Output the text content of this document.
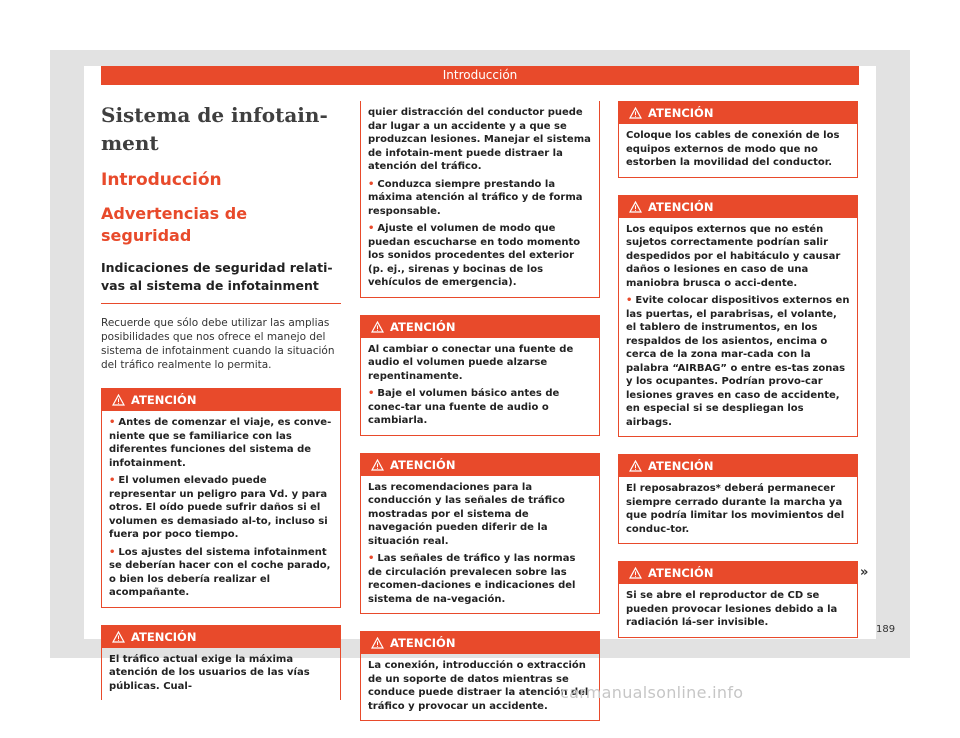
Introducción
Sistema de infotain-ment
Introducción
Advertencias de seguridad
Indicaciones de seguridad relati-vas al sistema de infotainment

Recuerde que sólo debe utilizar las amplias posibilidades que nos ofrece el manejo del sistema de infotainment cuando la situación del tráfico realmente lo permita.

ATENCIÓN

• Antes de comenzar el viaje, es conve-niente que se familiarice con las diferentes funciones del sistema de infotainment.

• El volumen elevado puede representar un peligro para Vd. y para otros. El oído puede sufrir daños si el volumen es demasiado al-to, incluso si fuera por poco tiempo.

• Los ajustes del sistema infotainment se deberían hacer con el coche parado, o bien los debería realizar el acompañante.

ATENCIÓN

El tráfico actual exige la máxima atención de los usuarios de las vías públicas. Cual-

quier distracción del conductor puede dar lugar a un accidente y a que se produzcan lesiones. Manejar el sistema de infotain-ment puede distraer la atención del tráfico.

• Conduzca siempre prestando la máxima atención al tráfico y de forma responsable.

• Ajuste el volumen de modo que puedan escucharse en todo momento los sonidos procedentes del exterior (p. ej., sirenas y bocinas de los vehículos de emergencia).

ATENCIÓN

Al cambiar o conectar una fuente de audio el volumen puede alzarse repentinamente.

• Baje el volumen básico antes de conec-tar una fuente de audio o cambiarla.

ATENCIÓN

Las recomendaciones para la conducción y las señales de tráfico mostradas por el sistema de navegación pueden diferir de la situación real.

• Las señales de tráfico y las normas de circulación prevalecen sobre las recomen-daciones e indicaciones del sistema de na-vegación.

ATENCIÓN

La conexión, introducción o extracción de un soporte de datos mientras se conduce puede distraer la atención del tráfico y provocar un accidente.

ATENCIÓN

Coloque los cables de conexión de los equipos externos de modo que no estorben la movilidad del conductor.

ATENCIÓN

Los equipos externos que no estén sujetos correctamente podrían salir despedidos por el habitáculo y causar daños o lesiones en caso de una maniobra brusca o acci-dente.

• Evite colocar dispositivos externos en las puertas, el parabrisas, el volante, el tablero de instrumentos, en los respaldos de los asientos, encima o cerca de la zona mar-cada con la palabra “AIRBAG” o entre es-tas zonas y los ocupantes. Podrían provo-car lesiones graves en caso de accidente, en especial si se despliegan los airbags.

ATENCIÓN

El reposabrazos* deberá permanecer siempre cerrado durante la marcha ya que podría limitar los movimientos del conduc-tor.

ATENCIÓN

Si se abre el reproductor de CD se pueden provocar lesiones debido a la radiación lá-ser invisible.

»
189
carmanualsonline.info
